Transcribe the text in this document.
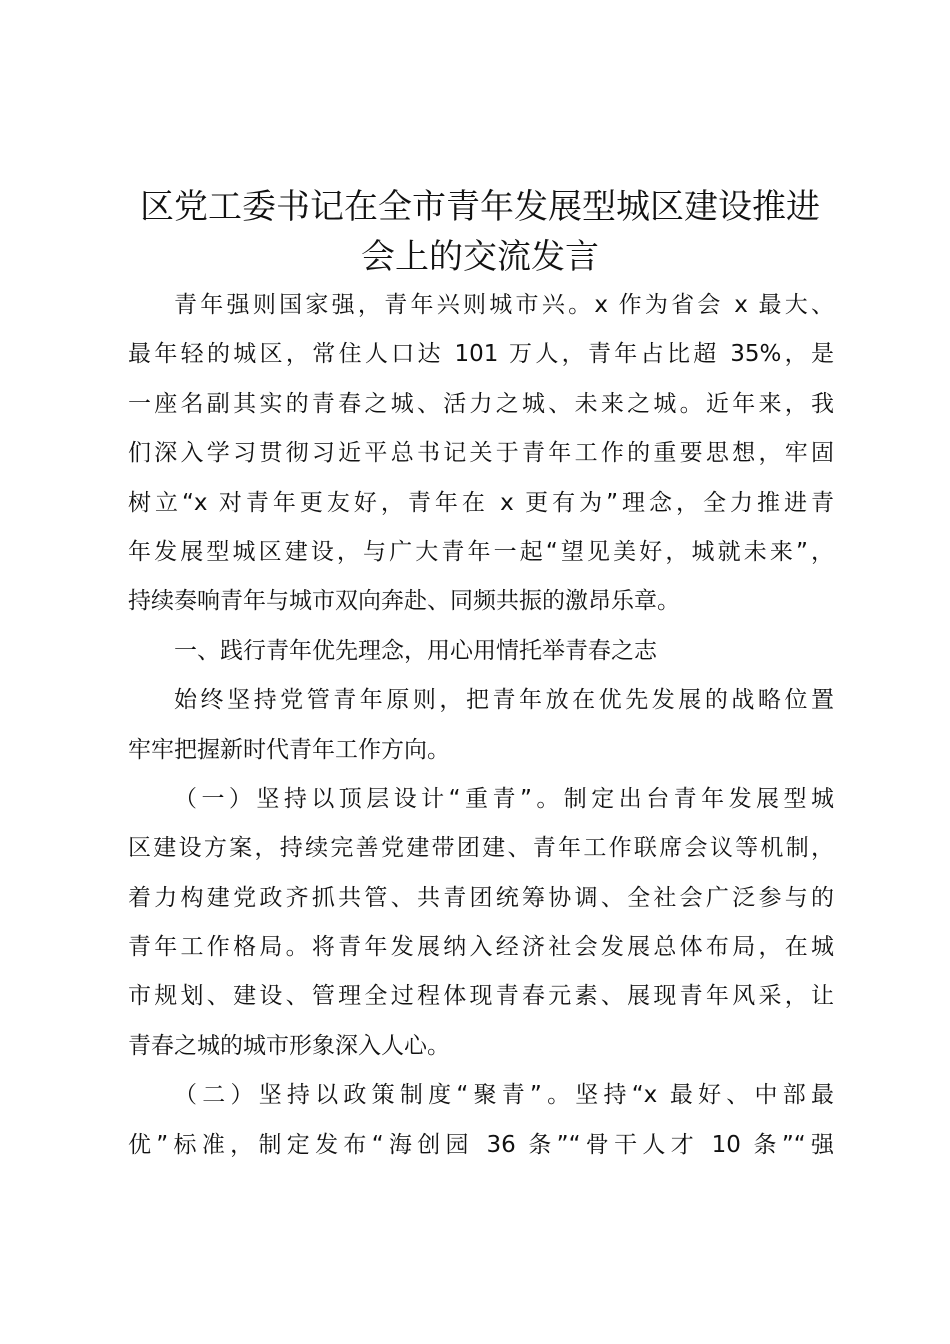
区党工委书记在全市青年发展型城区建设推进
会上的交流发言
青年强则国家强，青年兴则城市兴。x 作为省会 x 最大、
最年轻的城区，常住人口达 101 万人，青年占比超 35%，是
一座名副其实的青春之城、活力之城、未来之城。近年来，我
们深入学习贯彻习近平总书记关于青年工作的重要思想，牢固
树立“x 对青年更友好，青年在 x 更有为”理念，全力推进青
年发展型城区建设，与广大青年一起“望见美好，城就未来”，
持续奏响青年与城市双向奔赴、同频共振的激昂乐章。
一、践行青年优先理念，用心用情托举青春之志
始终坚持党管青年原则，把青年放在优先发展的战略位置
牢牢把握新时代青年工作方向。
（一）坚持以顶层设计“重青”。制定出台青年发展型城
区建设方案，持续完善党建带团建、青年工作联席会议等机制，
着力构建党政齐抓共管、共青团统筹协调、全社会广泛参与的
青年工作格局。将青年发展纳入经济社会发展总体布局，在城
市规划、建设、管理全过程体现青春元素、展现青年风采，让
青春之城的城市形象深入人心。
（二）坚持以政策制度“聚青”。坚持“x 最好、中部最
优”标准，制定发布“海创园 36 条”“骨干人才 10 条”“强
